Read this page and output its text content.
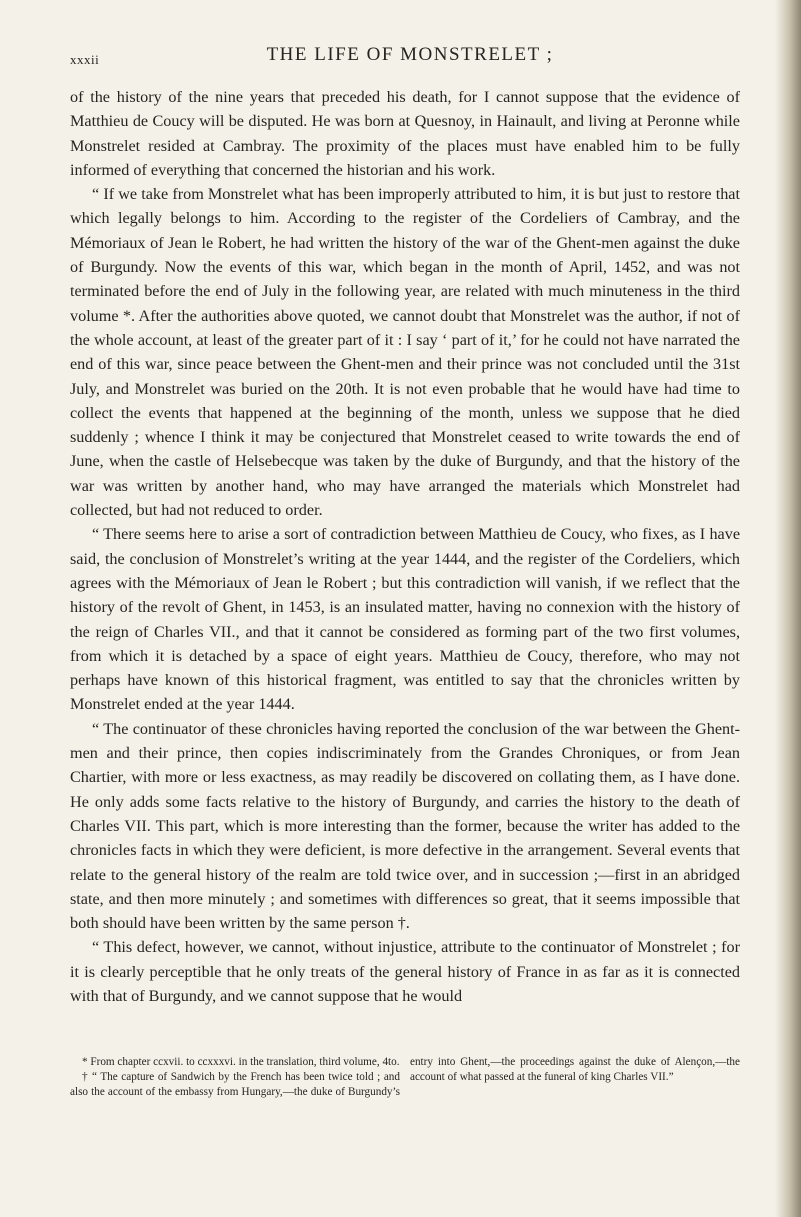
xxxii	THE LIFE OF MONSTRELET ;

of the history of the nine years that preceded his death, for I cannot suppose that the evidence of Matthieu de Coucy will be disputed. He was born at Quesnoy, in Hainault, and living at Peronne while Monstrelet resided at Cambray. The proximity of the places must have enabled him to be fully informed of everything that concerned the historian and his work.

“ If we take from Monstrelet what has been improperly attributed to him, it is but just to restore that which legally belongs to him. According to the register of the Cordeliers of Cambray, and the Mémoriaux of Jean le Robert, he had written the history of the war of the Ghent-men against the duke of Burgundy. Now the events of this war, which began in the month of April, 1452, and was not terminated before the end of July in the following year, are related with much minuteness in the third volume *. After the authorities above quoted, we cannot doubt that Monstrelet was the author, if not of the whole account, at least of the greater part of it : I say ‘ part of it,’ for he could not have narrated the end of this war, since peace between the Ghent-men and their prince was not concluded until the 31st July, and Monstrelet was buried on the 20th. It is not even probable that he would have had time to collect the events that happened at the beginning of the month, unless we suppose that he died suddenly ; whence I think it may be conjectured that Monstrelet ceased to write towards the end of June, when the castle of Helsebecque was taken by the duke of Burgundy, and that the history of the war was written by another hand, who may have arranged the materials which Monstrelet had collected, but had not reduced to order.

“ There seems here to arise a sort of contradiction between Matthieu de Coucy, who fixes, as I have said, the conclusion of Monstrelet’s writing at the year 1444, and the register of the Cordeliers, which agrees with the Mémoriaux of Jean le Robert ; but this contradiction will vanish, if we reflect that the history of the revolt of Ghent, in 1453, is an insulated matter, having no connexion with the history of the reign of Charles VII., and that it cannot be considered as forming part of the two first volumes, from which it is detached by a space of eight years. Matthieu de Coucy, therefore, who may not perhaps have known of this historical fragment, was entitled to say that the chronicles written by Monstrelet ended at the year 1444.

“ The continuator of these chronicles having reported the conclusion of the war between the Ghent-men and their prince, then copies indiscriminately from the Grandes Chroniques, or from Jean Chartier, with more or less exactness, as may readily be discovered on collating them, as I have done. He only adds some facts relative to the history of Burgundy, and carries the history to the death of Charles VII. This part, which is more interesting than the former, because the writer has added to the chronicles facts in which they were deficient, is more defective in the arrangement. Several events that relate to the general history of the realm are told twice over, and in succession ;—first in an abridged state, and then more minutely ; and sometimes with differences so great, that it seems impossible that both should have been written by the same person †.

“ This defect, however, we cannot, without injustice, attribute to the continuator of Monstrelet ; for it is clearly perceptible that he only treats of the general history of France in as far as it is connected with that of Burgundy, and we cannot suppose that he would

* From chapter ccxvii. to ccxxxvi. in the translation, third volume, 4to.

† “ The capture of Sandwich by the French has been twice told ; and also the account of the embassy from Hungary,—the duke of Burgundy’s entry into Ghent,—the proceedings against the duke of Alençon,—the account of what passed at the funeral of king Charles VII.”
